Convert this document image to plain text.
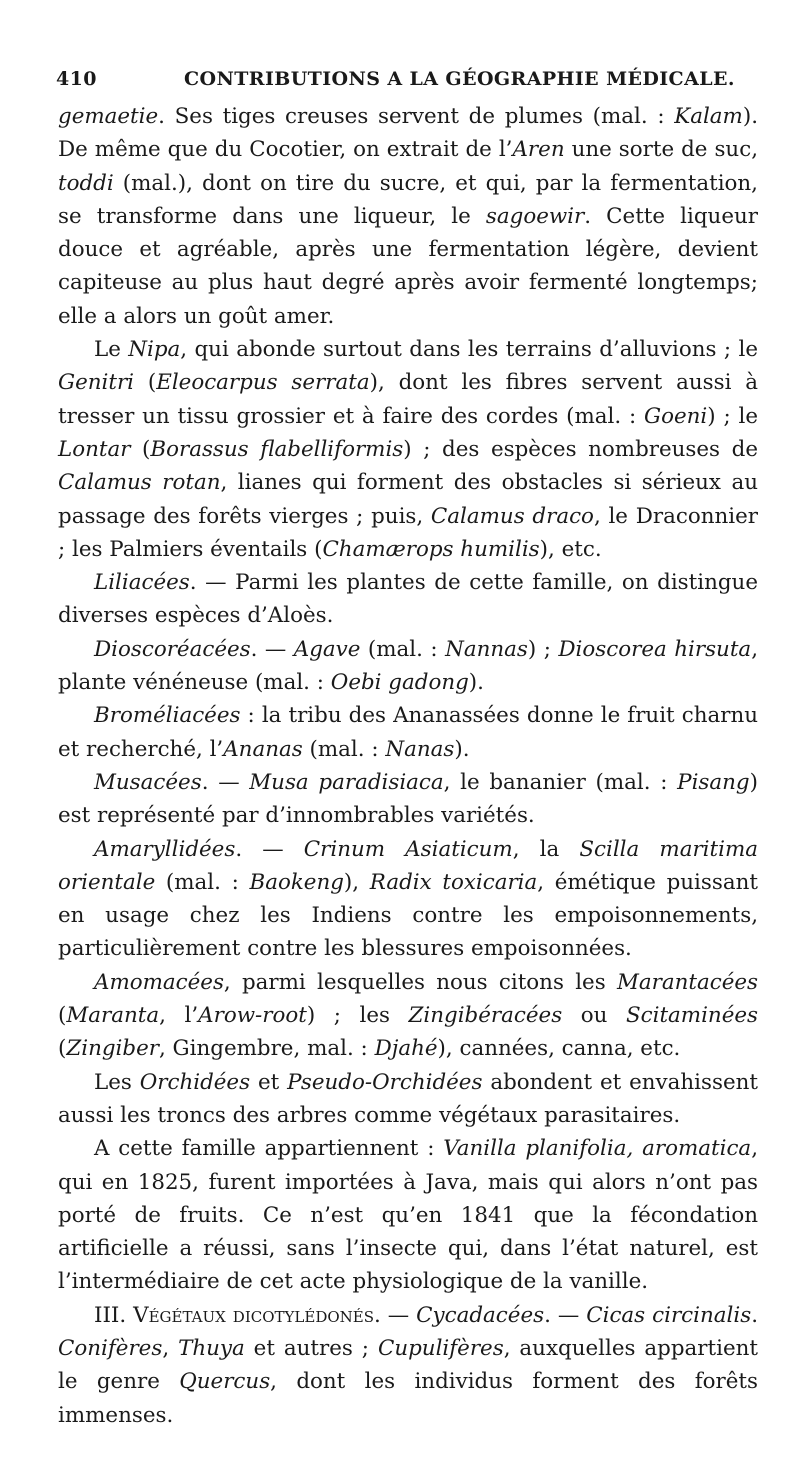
410	CONTRIBUTIONS A LA GÉOGRAPHIE MÉDICALE.

gemaetie. Ses tiges creuses servent de plumes (mal. : Kalam). De même que du Cocotier, on extrait de l’Aren une sorte de suc, toddi (mal.), dont on tire du sucre, et qui, par la fermentation, se transforme dans une liqueur, le sagoewir. Cette liqueur douce et agréable, après une fermentation légère, devient capiteuse au plus haut degré après avoir fermenté longtemps; elle a alors un goût amer.

Le Nipa, qui abonde surtout dans les terrains d’alluvions ; le Genitri (Eleocarpus serrata), dont les fibres servent aussi à tresser un tissu grossier et à faire des cordes (mal. : Goeni) ; le Lontar (Borassus flabelliformis) ; des espèces nombreuses de Calamus rotan, lianes qui forment des obstacles si sérieux au passage des forêts vierges ; puis, Calamus draco, le Draconnier ; les Palmiers éventails (Chamærops humilis), etc.

Liliacées. — Parmi les plantes de cette famille, on distingue diverses espèces d’Aloès.

Dioscoréacées. — Agave (mal. : Nannas) ; Dioscorea hirsuta, plante vénéneuse (mal. : Oebi gadong).

Broméliacées : la tribu des Ananassées donne le fruit charnu et recherché, l’Ananas (mal. : Nanas).

Musacées. — Musa paradisiaca, le bananier (mal. : Pisang) est représenté par d’innombrables variétés.

Amaryllidées. — Crinum Asiaticum, la Scilla maritima orientale (mal. : Baokeng), Radix toxicaria, émétique puissant en usage chez les Indiens contre les empoisonnements, particulièrement contre les blessures empoisonnées.

Amomacées, parmi lesquelles nous citons les Marantacées (Maranta, l’Arow-root) ; les Zingibéracées ou Scitaminées (Zingiber, Gingembre, mal. : Djahé), cannées, canna, etc.

Les Orchidées et Pseudo-Orchidées abondent et envahissent aussi les troncs des arbres comme végétaux parasitaires.

A cette famille appartiennent : Vanilla planifolia, aromatica, qui en 1825, furent importées à Java, mais qui alors n’ont pas porté de fruits. Ce n’est qu’en 1841 que la fécondation artificielle a réussi, sans l’insecte qui, dans l’état naturel, est l’intermédiaire de cet acte physiologique de la vanille.

III. Végétaux dicotylédonés. — Cycadacées. — Cicas circinalis. Conifères, Thuya et autres ; Cupulifères, auxquelles appartient le genre Quercus, dont les individus forment des forêts immenses.
